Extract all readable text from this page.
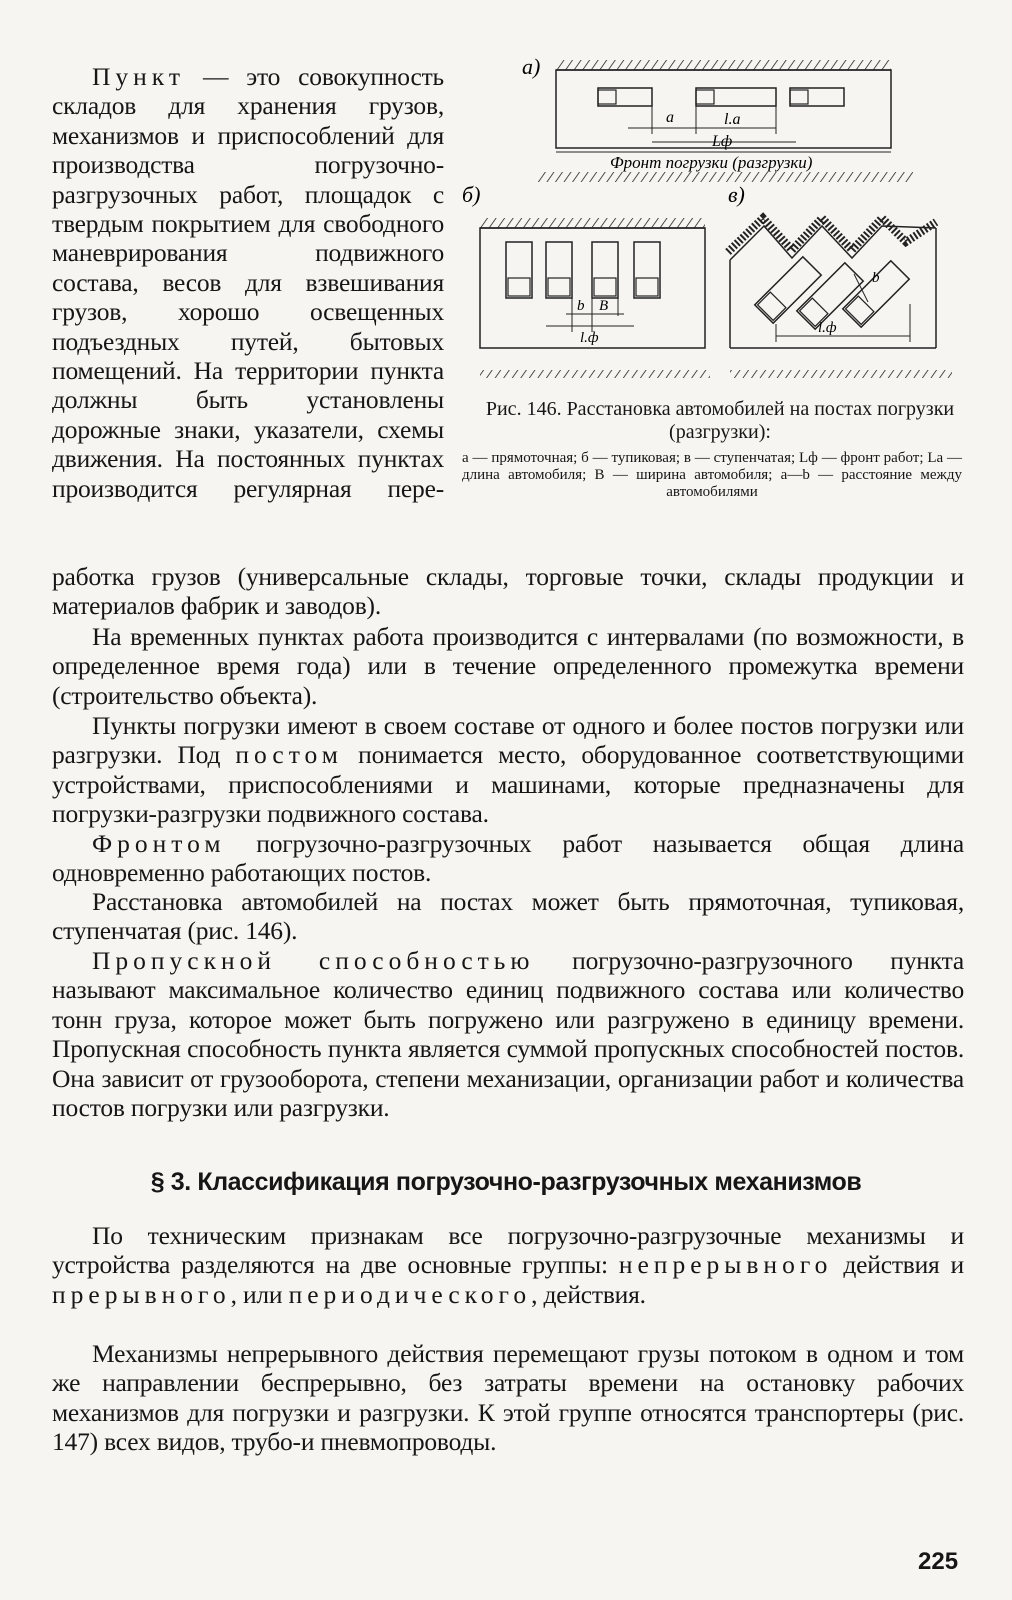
а)
a	l.a
Lф
Фронт погрузки (разгрузки)
б)
b B
l.ф
в)
b
l.ф
Рис. 146. Расстановка автомобилей на постах погрузки (разгрузки):
а — прямоточная; б — тупиковая; в — ступенчатая; Lф — фронт работ; La — длина автомобиля; B — ширина автомобиля; a—b — расстояние между автомобилями

Пункт — это совокупность складов для хранения грузов, механизмов и приспособлений для производства погрузочно-разгрузочных работ, площадок с твердым покрытием для свободного маневрирования подвижного состава, весов для взвешивания грузов, хорошо освещенных подъездных путей, бытовых помещений. На территории пункта должны быть установлены дорожные знаки, указатели, схемы движения. На постоянных пунктах производится регулярная пере-

работка грузов (универсальные склады, торговые точки, склады продукции и материалов фабрик и заводов).

На временных пунктах работа производится с интервалами (по возможности, в определенное время года) или в течение определенного промежутка времени (строительство объекта).

Пункты погрузки имеют в своем составе от одного и более постов погрузки или разгрузки. Под постом понимается место, оборудованное соответствующими устройствами, приспособлениями и машинами, которые предназначены для погрузки-разгрузки подвижного состава.

Фронтом погрузочно-разгрузочных работ называется общая длина одновременно работающих постов.

Расстановка автомобилей на постах может быть прямоточная, тупиковая, ступенчатая (рис. 146).

Пропускной способностью погрузочно-разгрузочного пункта называют максимальное количество единиц подвижного состава или количество тонн груза, которое может быть погружено или разгружено в единицу времени. Пропускная способность пункта является суммой пропускных способностей постов. Она зависит от грузооборота, степени механизации, организации работ и количества постов погрузки или разгрузки.

§ 3. Классификация погрузочно-разгрузочных механизмов

По техническим признакам все погрузочно-разгрузочные механизмы и устройства разделяются на две основные группы: непрерывного действия и прерывного, или периодического, действия.

Механизмы непрерывного действия перемещают грузы потоком в одном и том же направлении беспрерывно, без затраты времени на остановку рабочих механизмов для погрузки и разгрузки. К этой группе относятся транспортеры (рис. 147) всех видов, трубо-и пневмопроводы.

225
